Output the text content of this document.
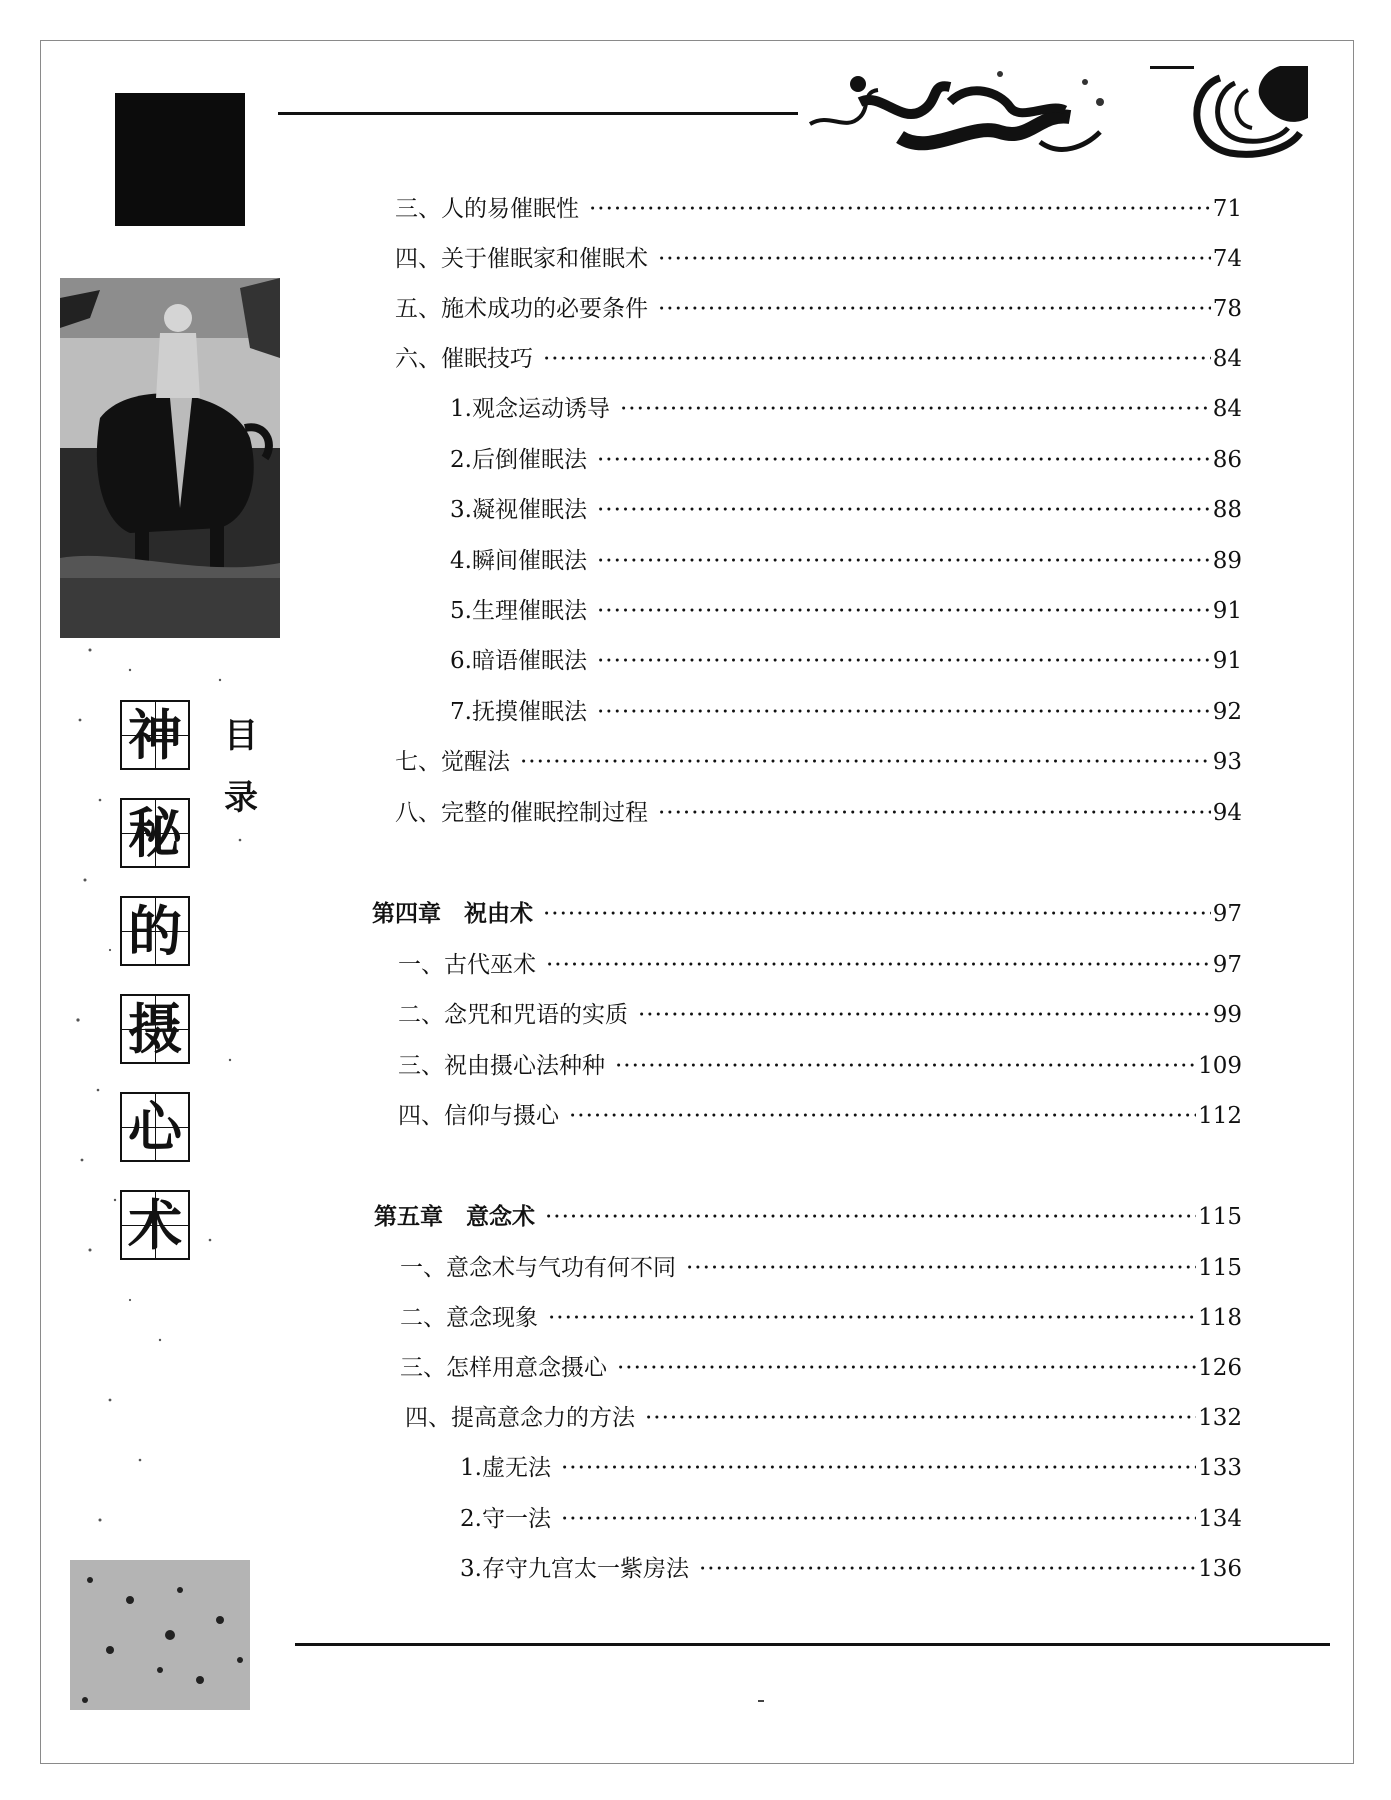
神
秘
的
摄
心
术
目
录
三、人的易催眠性 ·····	71
四、关于催眠家和催眠术 ·····	74
五、施术成功的必要条件 ·····	78
六、催眠技巧 ·····	84
1.观念运动诱导 ·····	84
2.后倒催眠法 ·····	86
3.凝视催眠法 ·····	88
4.瞬间催眠法 ·····	89
5.生理催眠法 ·····	91
6.暗语催眠法 ·····	91
7.抚摸催眠法 ·····	92
七、觉醒法 ·····	93
八、完整的催眠控制过程 ·····	94
第四章　祝由术 ·····	97
一、古代巫术 ·····	97
二、念咒和咒语的实质 ·····	99
三、祝由摄心法种种 ·····	109
四、信仰与摄心 ·····	112
第五章　意念术 ·····	115
一、意念术与气功有何不同 ·····	115
二、意念现象 ·····	118
三、怎样用意念摄心 ·····	126
四、提高意念力的方法 ·····	132
1.虚无法 ·····	133
2.守一法 ·····	134
3.存守九宫太一紫房法 ·····	136
